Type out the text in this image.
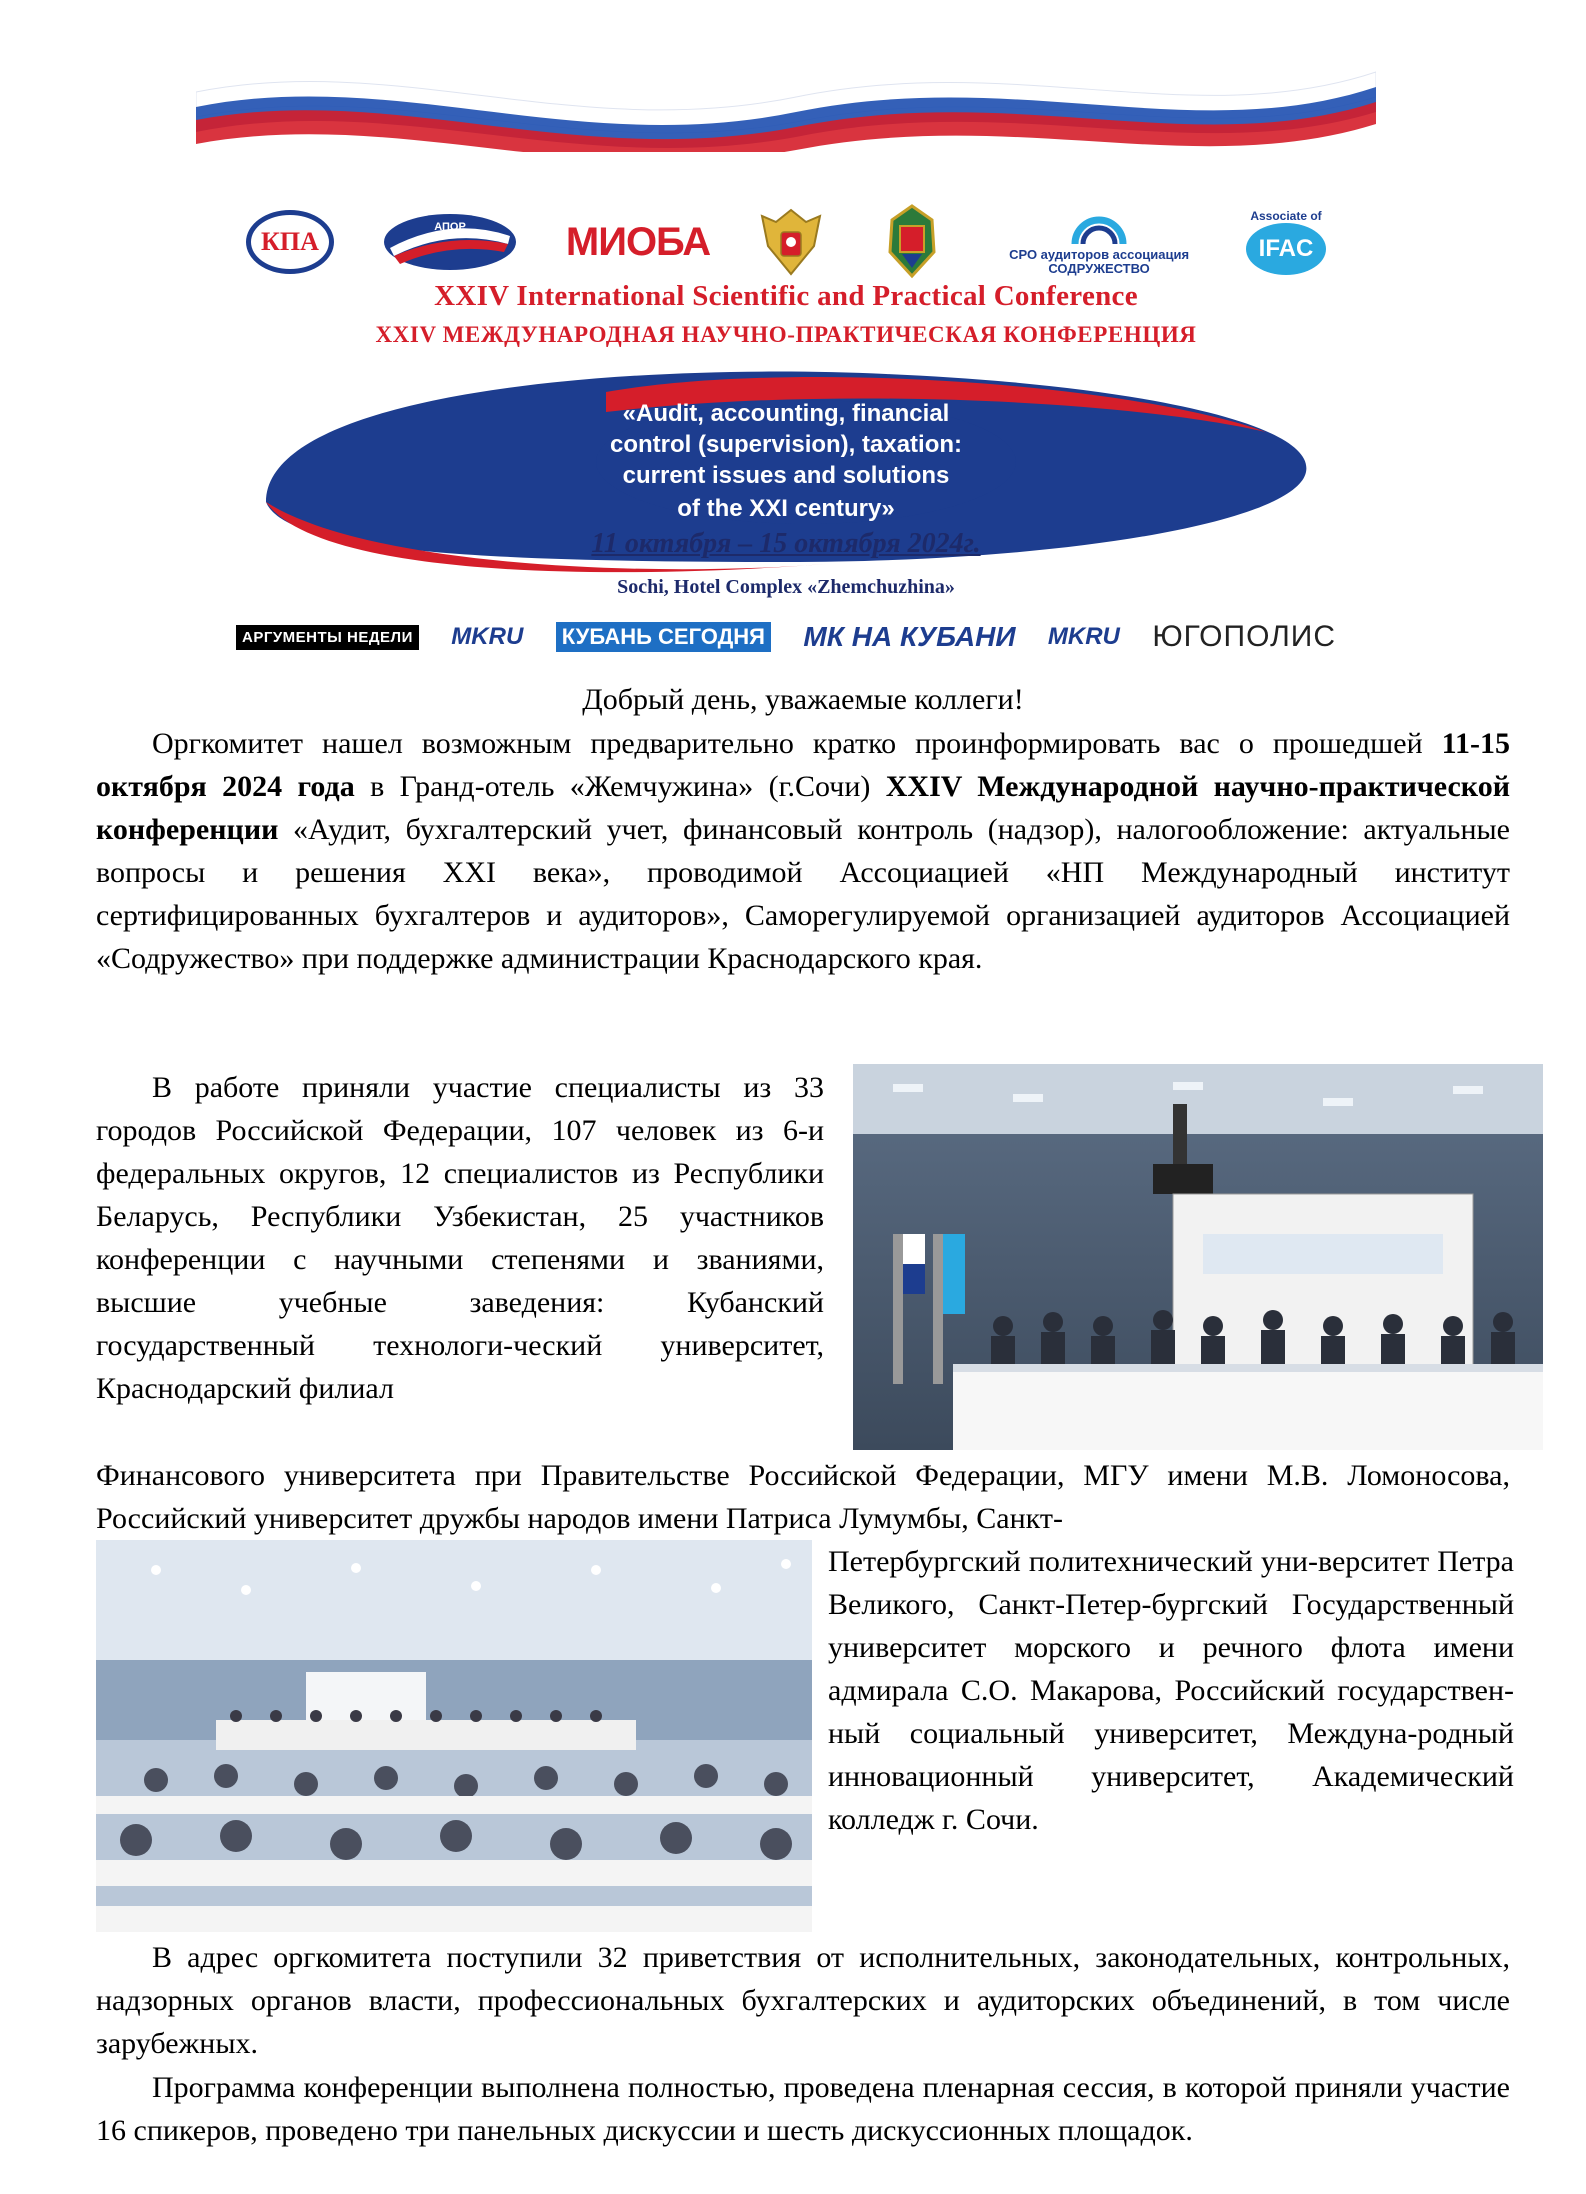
КПА	АПОР	МИОБА	СРО аудиторов ассоциация СОДРУЖЕСТВО
Associate of
IFAC

XXIV International Scientific and Practical Conference

XXIV МЕЖДУНАРОДНАЯ НАУЧНО-ПРАКТИЧЕСКАЯ КОНФЕРЕНЦИЯ

«Audit, accounting, financial

control (supervision), taxation:

current issues and solutions

of the XXI century»

11 октября – 15 октября 2024г.

Sochi, Hotel Complex «Zhemchuzhina»

АРГУМЕНТЫ НЕДЕЛИ MKRU КУБАНЬ СЕГОДНЯ МК НА КУБАНИ MKRU ЮГОПОЛИС

Добрый день, уважаемые коллеги!

Оргкомитет нашел возможным предварительно кратко проинформировать вас о прошедшей 11-15 октября 2024 года в Гранд-отель «Жемчужина» (г.Сочи) XXIV Международной научно-практической конференции «Аудит, бухгалтерский учет, финансовый контроль (надзор), налогообложение: актуальные вопросы и решения XXI века», проводимой Ассоциацией «НП Международный институт сертифицированных бухгалтеров и аудиторов», Саморегулируемой организацией аудиторов Ассоциацией «Содружество» при поддержке администрации Краснодарского края.

В работе приняли участие специалисты из 33 городов Российской Федерации, 107 человек из 6-и федеральных округов, 12 специалистов из Республики Беларусь, Республики Узбекистан, 25 участников конференции с научными степенями и званиями, высшие учебные заведения: Кубанский государственный технологи-ческий университет, Краснодарский филиал

Финансового университета при Правительстве Российской Федерации, МГУ имени М.В. Ломоносова, Российский университет дружбы народов имени Патриса Лумумбы, Санкт-

Петербургский политехнический уни-верситет Петра Великого, Санкт-Петер-бургский Государственный университет морского и речного флота имени адмирала С.О. Макарова, Российский государствен-ный социальный университет, Междуна-родный инновационный университет, Академический колледж г. Сочи.

В адрес оргкомитета поступили 32 приветствия от исполнительных, законодательных, контрольных, надзорных органов власти, профессиональных бухгалтерских и аудиторских объединений, в том числе зарубежных.

Программа конференции выполнена полностью, проведена пленарная сессия, в которой приняли участие 16 спикеров, проведено три панельных дискуссии и шесть дискуссионных площадок.
